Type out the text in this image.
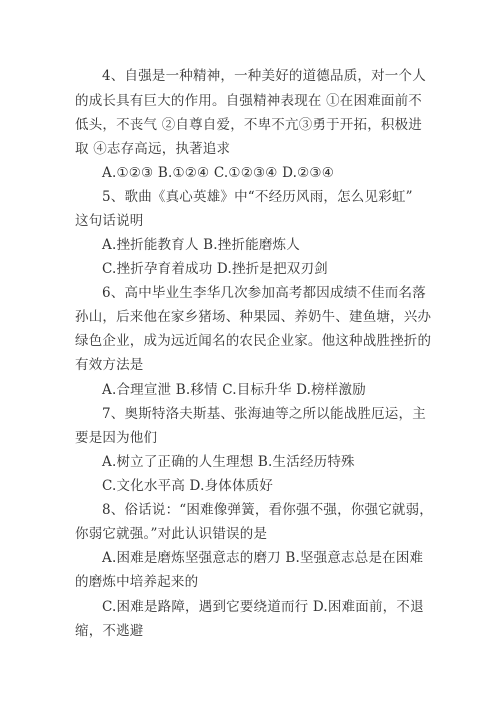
4、自强是一种精神，一种美好的道德品质，对一个人
的成长具有巨大的作用。自强精神表现在 ①在困难面前不
低头，不丧气 ②自尊自爱，不卑不亢③勇于开拓，积极进
取 ④志存高远，执著追求
A.①②③ B.①②④ C.①②③④ D.②③④
5、歌曲《真心英雄》中“不经历风雨，怎么见彩虹”
这句话说明
A.挫折能教育人 B.挫折能磨炼人
C.挫折孕育着成功 D.挫折是把双刃剑
6、高中毕业生李华几次参加高考都因成绩不佳而名落
孙山，后来他在家乡猪场、种果园、养奶牛、建鱼塘，兴办
绿色企业，成为远近闻名的农民企业家。他这种战胜挫折的
有效方法是
A.合理宣泄 B.移情 C.目标升华 D.榜样激励
7、奥斯特洛夫斯基、张海迪等之所以能战胜厄运，主
要是因为他们
A.树立了正确的人生理想 B.生活经历特殊
C.文化水平高 D.身体体质好
8、俗话说：“困难像弹簧，看你强不强，你强它就弱，
你弱它就强。”对此认识错误的是
A.困难是磨炼坚强意志的磨刀 B.坚强意志总是在困难
的磨炼中培养起来的
C.困难是路障，遇到它要绕道而行 D.困难面前，不退
缩，不逃避
